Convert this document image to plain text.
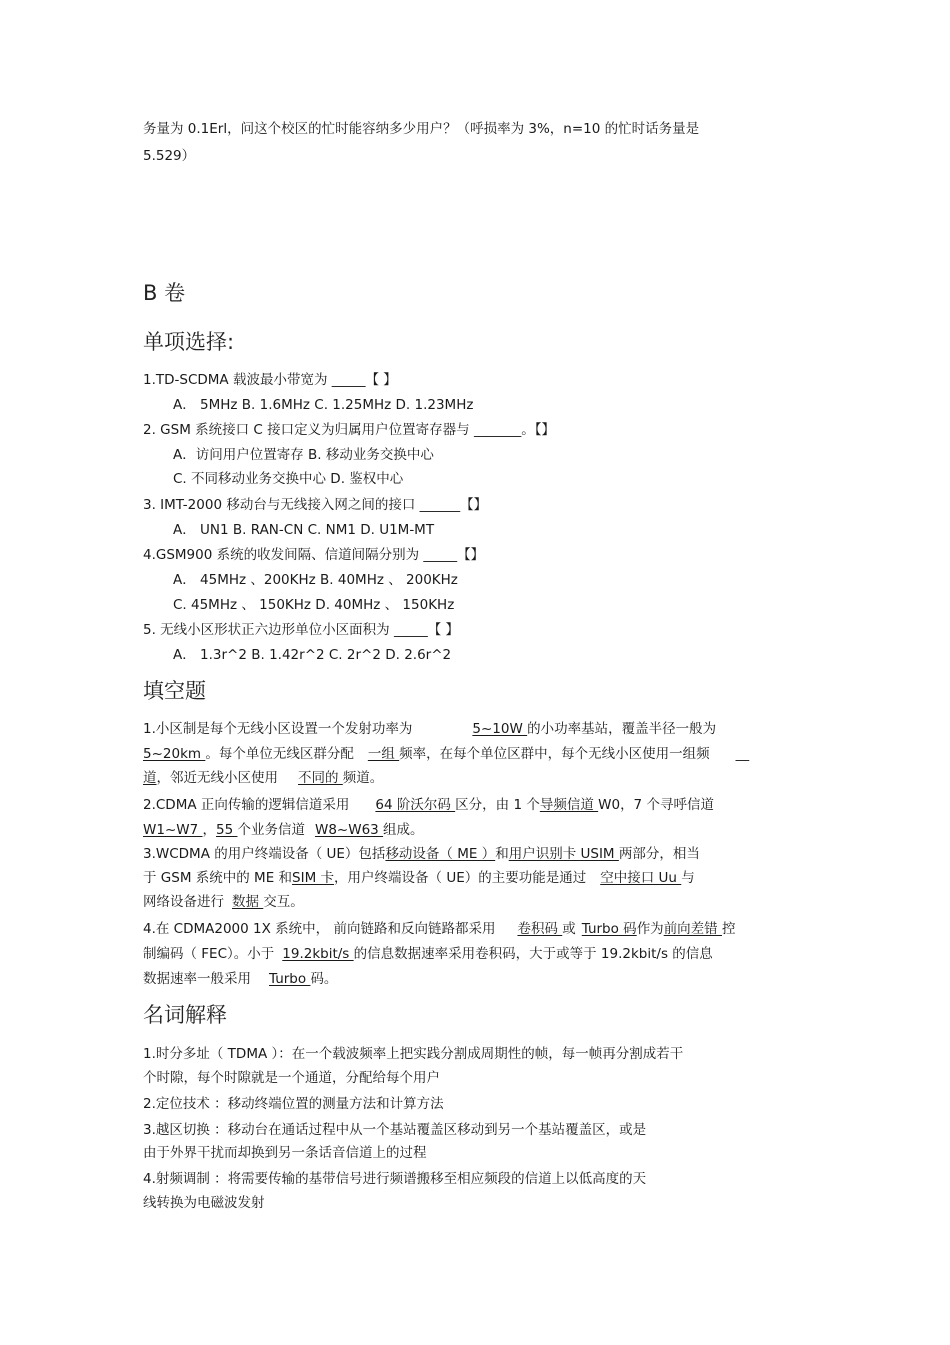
务量为 0.1Erl，问这个校区的忙时能容纳多少用户？（呼损率为 3%，n=10 的忙时话务量是
5.529）
B 卷
单项选择:
1.TD-SCDMA 载波最小带宽为 _____【 】
A． 5MHz B. 1.6MHz C. 1.25MHz D. 1.23MHz
2. GSM 系统接口 C 接口定义为归属用户位置寄存器与 _______。【】
A．访问用户位置寄存 B. 移动业务交换中心
C. 不同移动业务交换中心 D. 鉴权中心
3. IMT-2000 移动台与无线接入网之间的接口 ______【】
A． UN1 B. RAN-CN C. NM1 D. U1M-MT
4.GSM900 系统的收发间隔、信道间隔分别为 _____【】
A． 45MHz 、200KHz B. 40MHz 、 200KHz
C. 45MHz 、 150KHz D. 40MHz 、 150KHz
5. 无线小区形状正六边形单位小区面积为 _____【 】
A． 1.3r^2 B. 1.42r^2 C. 2r^2 D. 2.6r^2
填空题
1.小区制是每个无线小区设置一个发射功率为	5~10W 的小功率基站，覆盖半径一般为
5~20km 。每个单位无线区群分配 一组 频率，在每个单位区群中，每个无线小区使用一组频 __
道，邻近无线小区使用 不同的 频道。
2.CDMA 正向传输的逻辑信道采用 64 阶沃尔码 区分，由 1 个导频信道 W0，7 个寻呼信道
W1~W7 ，55 个业务信道 W8~W63 组成。
3.WCDMA 的用户终端设备（ UE）包括移动设备（ ME ）和用户识别卡 USIM 两部分，相当
于 GSM 系统中的 ME 和SIM 卡，用户终端设备（ UE）的主要功能是通过 空中接口 Uu 与
网络设备进行 数据 交互。
4.在 CDMA2000 1X 系统中， 前向链路和反向链路都采用 卷积码 或 Turbo 码作为前向差错 控
制编码（ FEC）。小于 19.2kbit/s 的信息数据速率采用卷积码，大于或等于 19.2kbit/s 的信息
数据速率一般采用 Turbo 码。
名词解释
1.时分多址（ TDMA ）：在一个载波频率上把实践分割成周期性的帧，每一帧再分割成若干
个时隙，每个时隙就是一个通道，分配给每个用户
2.定位技术 ：移动终端位置的测量方法和计算方法
3.越区切换 ：移动台在通话过程中从一个基站覆盖区移动到另一个基站覆盖区，或是
由于外界干扰而却换到另一条话音信道上的过程
4.射频调制 ：将需要传输的基带信号进行频谱搬移至相应频段的信道上以低高度的天
线转换为电磁波发射
